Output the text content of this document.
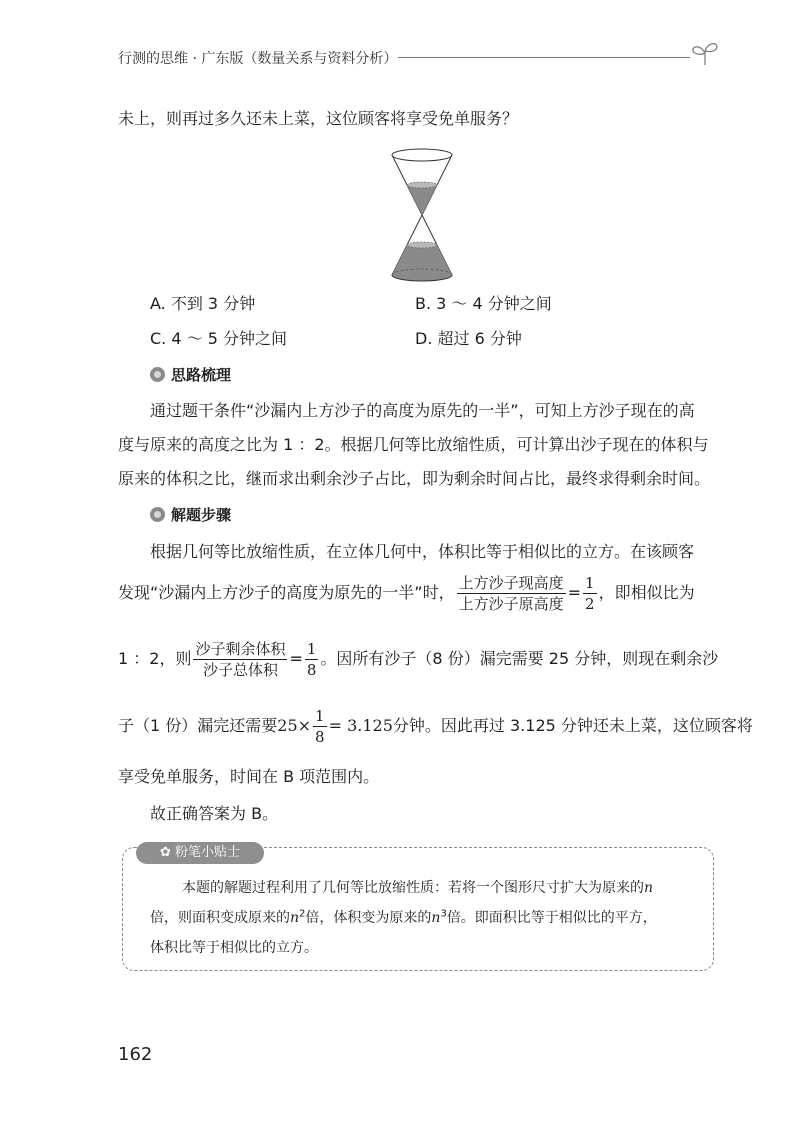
行测的思维 · 广东版（数量关系与资料分析）
未上，则再过多久还未上菜，这位顾客将享受免单服务？
A. 不到 3 分钟	B. 3 ～ 4 分钟之间
C. 4 ～ 5 分钟之间	D. 超过 6 分钟
思路梳理
通过题干条件“沙漏内上方沙子的高度为原先的一半”，可知上方沙子现在的高
度与原来的高度之比为 1 ：2。根据几何等比放缩性质，可计算出沙子现在的体积与
原来的体积之比，继而求出剩余沙子占比，即为剩余时间占比，最终求得剩余时间。
解题步骤
根据几何等比放缩性质，在立体几何中，体积比等于相似比的立方。在该顾客
发现“沙漏内上方沙子的高度为原先的一半”时， $\frac{\text{上方沙子现高度}}{\text{上方沙子原高度}} = \frac{1}{2}$ ，即相似比为
1 ：2，则 $\frac{\text{沙子剩余体积}}{\text{沙子总体积}} = \frac{1}{8}$ 。因所有沙子（8 份）漏完需要 25 分钟，则现在剩余沙
子（1 份）漏完还需要$25\times \frac{1}{8} = 3.125$分钟。因此再过 3.125 分钟还未上菜，这位顾客将
享受免单服务，时间在 B 项范围内。
故正确答案为 B。
✿ 粉笔小贴士
本题的解题过程利用了几何等比放缩性质：若将一个图形尺寸扩大为原来的n
倍，则面积变成原来的$n^2$倍，体积变为原来的$n^3$倍。即面积比等于相似比的平方，
体积比等于相似比的立方。
162
